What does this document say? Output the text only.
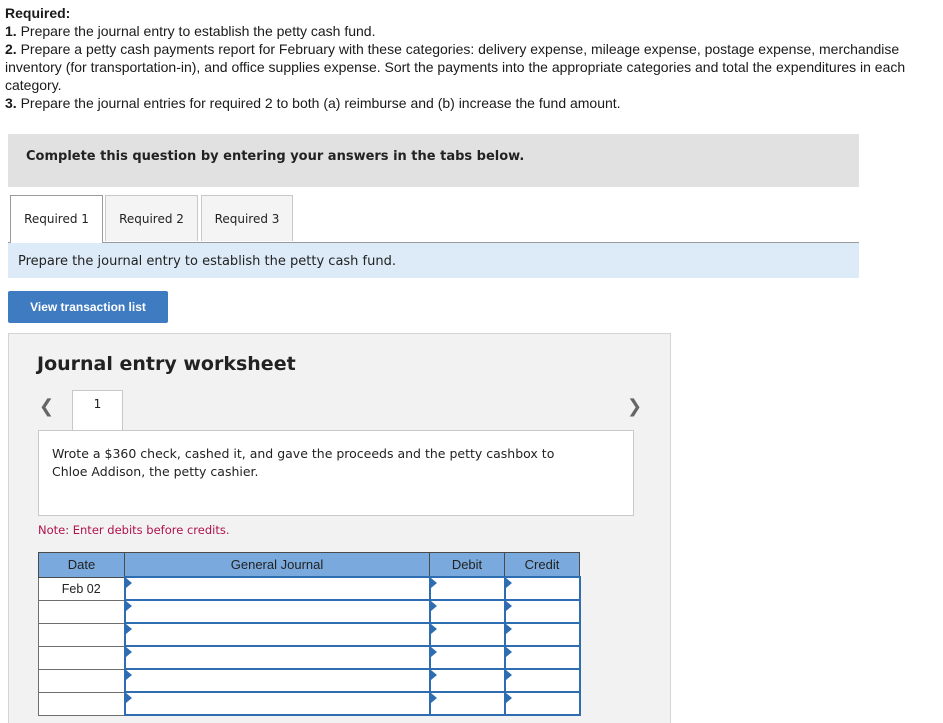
Required:
1. Prepare the journal entry to establish the petty cash fund.
2. Prepare a petty cash payments report for February with these categories: delivery expense, mileage expense, postage expense, merchandise inventory (for transportation-in), and office supplies expense. Sort the payments into the appropriate categories and total the expenditures in each category.
3. Prepare the journal entries for required 2 to both (a) reimburse and (b) increase the fund amount.
Complete this question by entering your answers in the tabs below.
Required 1	Required 2	Required 3
Prepare the journal entry to establish the petty cash fund.
View transaction list
Journal entry worksheet
❮	1	❯
Wrote a $360 check, cashed it, and gave the proceeds and the petty cashbox to Chloe Addison, the petty cashier.
Note: Enter debits before credits.
Date	General Journal	Debit	Credit
Feb 02			
